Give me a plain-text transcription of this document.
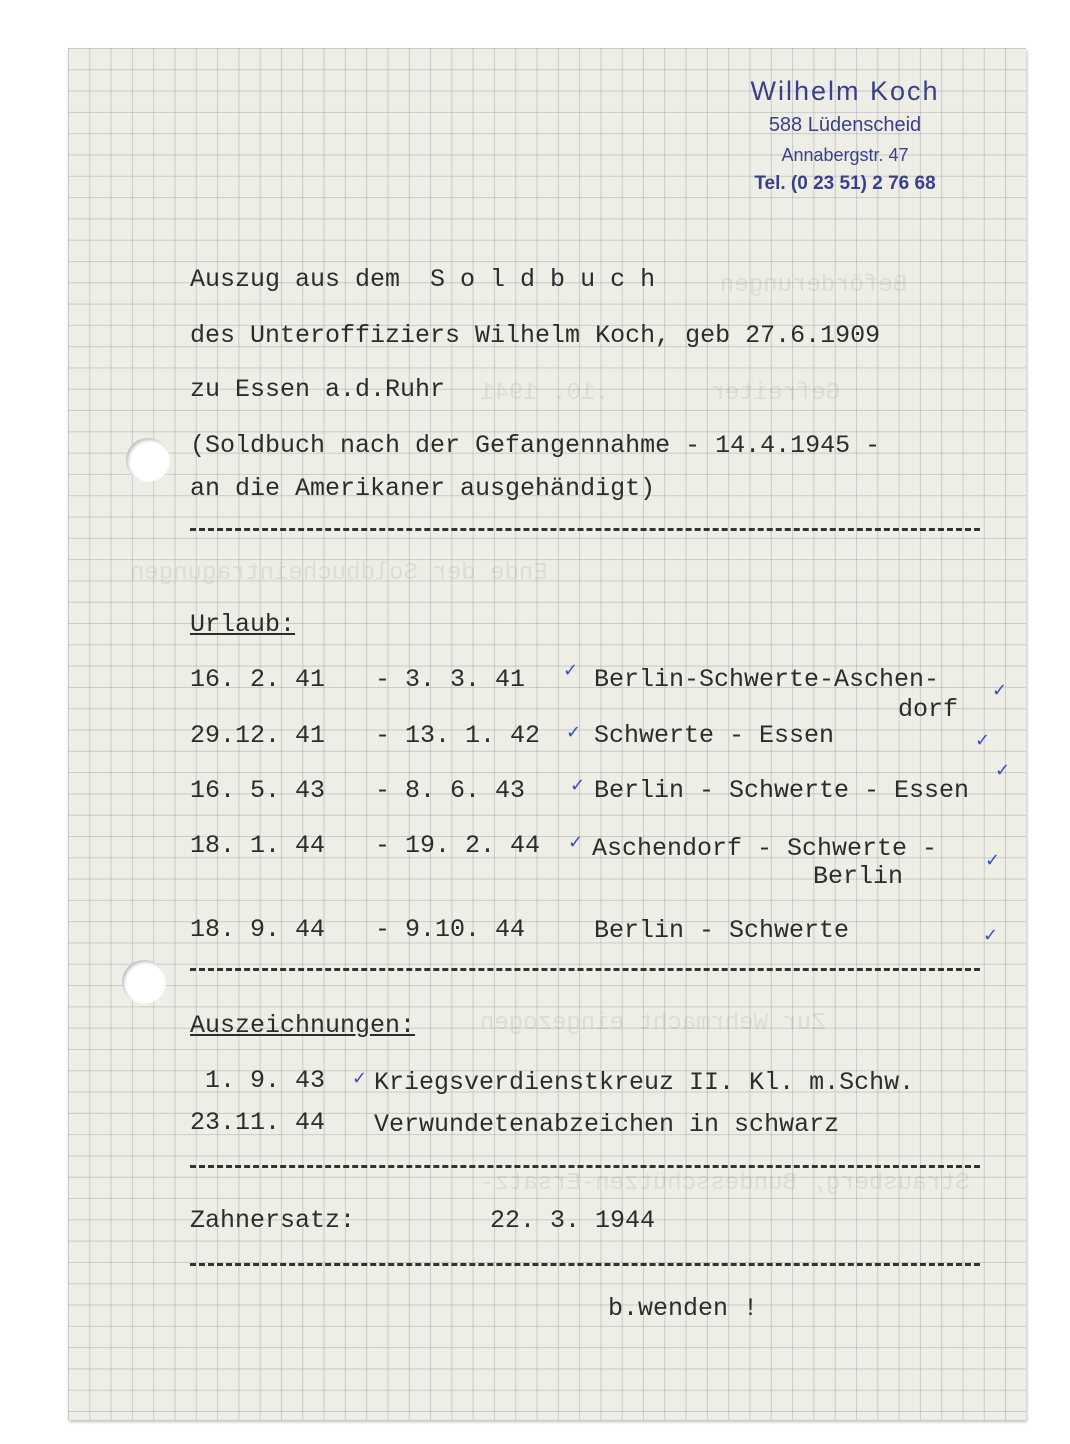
Beförderungen
Gefreiter       .10. 1941
Ende der Soldbucheintragungen
Zur Wehrmacht eingezogen
Strausberg, Bundesschützen-Ersatz-
Wilhelm Koch
588 Lüdenscheid
Annabergstr. 47
Tel. (0 23 51) 2 76 68
Auszug aus dem  S o l d b u c h
des Unteroffiziers Wilhelm Koch, geb 27.6.1909
zu Essen a.d.Ruhr
(Soldbuch nach der Gefangennahme - 14.4.1945 -
an die Amerikaner ausgehändigt)
Urlaub:
16. 2. 41 - 3. 3. 41	Berlin-Schwerte-Aschen-
dorf
✓
✓
29.12. 41 - 13. 1. 42 Schwerte - Essen
✓	✓
16. 5. 43 - 8. 6. 43	Berlin - Schwerte - Essen
✓
✓
18. 1. 44 - 19. 2. 44 Aschendorf - Schwerte -
Berlin
✓
✓
18. 9. 44 - 9.10. 44	Berlin - Schwerte	✓
Auszeichnungen:
1. 9. 43 Kriegsverdienstkreuz II. Kl. m.Schw.
✓
23.11. 44 Verwundetenabzeichen in schwarz
Zahnersatz:	22. 3. 1944
b.wenden !
